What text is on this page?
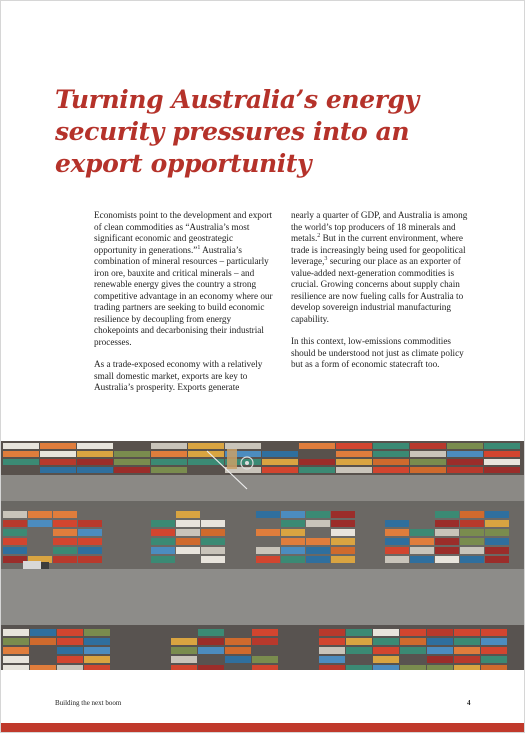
Turning Australia’s energy security pressures into an export opportunity

Economists point to the development and export of clean commodities as “Australia’s most significant economic and geostrategic opportunity in generations.”$^1$ Australia’s combination of mineral resources – particularly iron ore, bauxite and critical minerals – and renewable energy gives the country a strong competitive advantage in an economy where our trading partners are seeking to build economic resilience by decoupling from energy chokepoints and decarbonising their industrial processes.

As a trade-exposed economy with a relatively small domestic market, exports are key to Australia’s prosperity. Exports generate

nearly a quarter of GDP, and Australia is among the world’s top producers of 18 minerals and metals.$^2$ But in the current environment, where trade is increasingly being used for geopolitical leverage,$^3$ securing our place as an exporter of value-added next-generation commodities is crucial. Growing concerns about supply chain resilience are now fueling calls for Australia to develop sovereign industrial manufacturing capability.

In this context, low-emissions commodities should be understood not just as climate policy but as a form of economic statecraft too.

Building the next boom	4
